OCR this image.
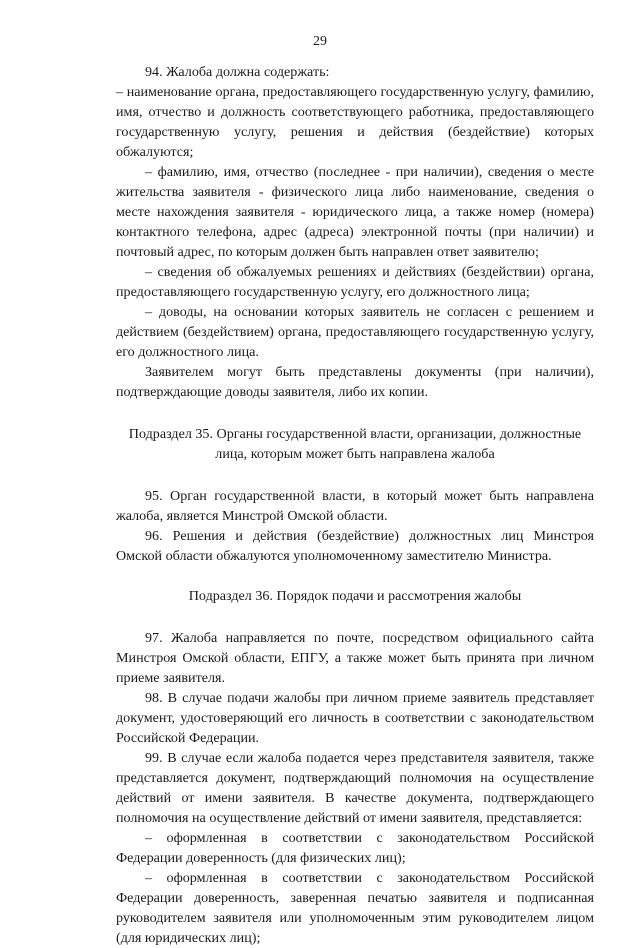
29

94. Жалоба должна содержать:

– наименование органа, предоставляющего государственную услугу, фамилию, имя, отчество и должность соответствующего работника, предоставляющего государственную услугу, решения и действия (бездействие) которых обжалуются;

– фамилию, имя, отчество (последнее - при наличии), сведения о месте жительства заявителя - физического лица либо наименование, сведения о месте нахождения заявителя - юридического лица, а также номер (номера) контактного телефона, адрес (адреса) электронной почты (при наличии) и почтовый адрес, по которым должен быть направлен ответ заявителю;

– сведения об обжалуемых решениях и действиях (бездействии) органа, предоставляющего государственную услугу, его должностного лица;

– доводы, на основании которых заявитель не согласен с решением и действием (бездействием) органа, предоставляющего государственную услугу, его должностного лица.

Заявителем могут быть представлены документы (при наличии), подтверждающие доводы заявителя, либо их копии.

Подраздел 35. Органы государственной власти, организации, должностные лица, которым может быть направлена жалоба

95. Орган государственной власти, в который может быть направлена жалоба, является Минстрой Омской области.

96. Решения и действия (бездействие) должностных лиц Минстроя Омской области обжалуются уполномоченному заместителю Министра.

Подраздел 36. Порядок подачи и рассмотрения жалобы

97. Жалоба направляется по почте, посредством официального сайта Минстроя Омской области, ЕПГУ, а также может быть принята при личном приеме заявителя.

98. В случае подачи жалобы при личном приеме заявитель представляет документ, удостоверяющий его личность в соответствии с законодательством Российской Федерации.

99. В случае если жалоба подается через представителя заявителя, также представляется документ, подтверждающий полномочия на осуществление действий от имени заявителя. В качестве документа, подтверждающего полномочия на осуществление действий от имени заявителя, представляется:

– оформленная в соответствии с законодательством Российской Федерации доверенность (для физических лиц);

– оформленная в соответствии с законодательством Российской Федерации доверенность, заверенная печатью заявителя и подписанная руководителем заявителя или уполномоченным этим руководителем лицом (для юридических лиц);
